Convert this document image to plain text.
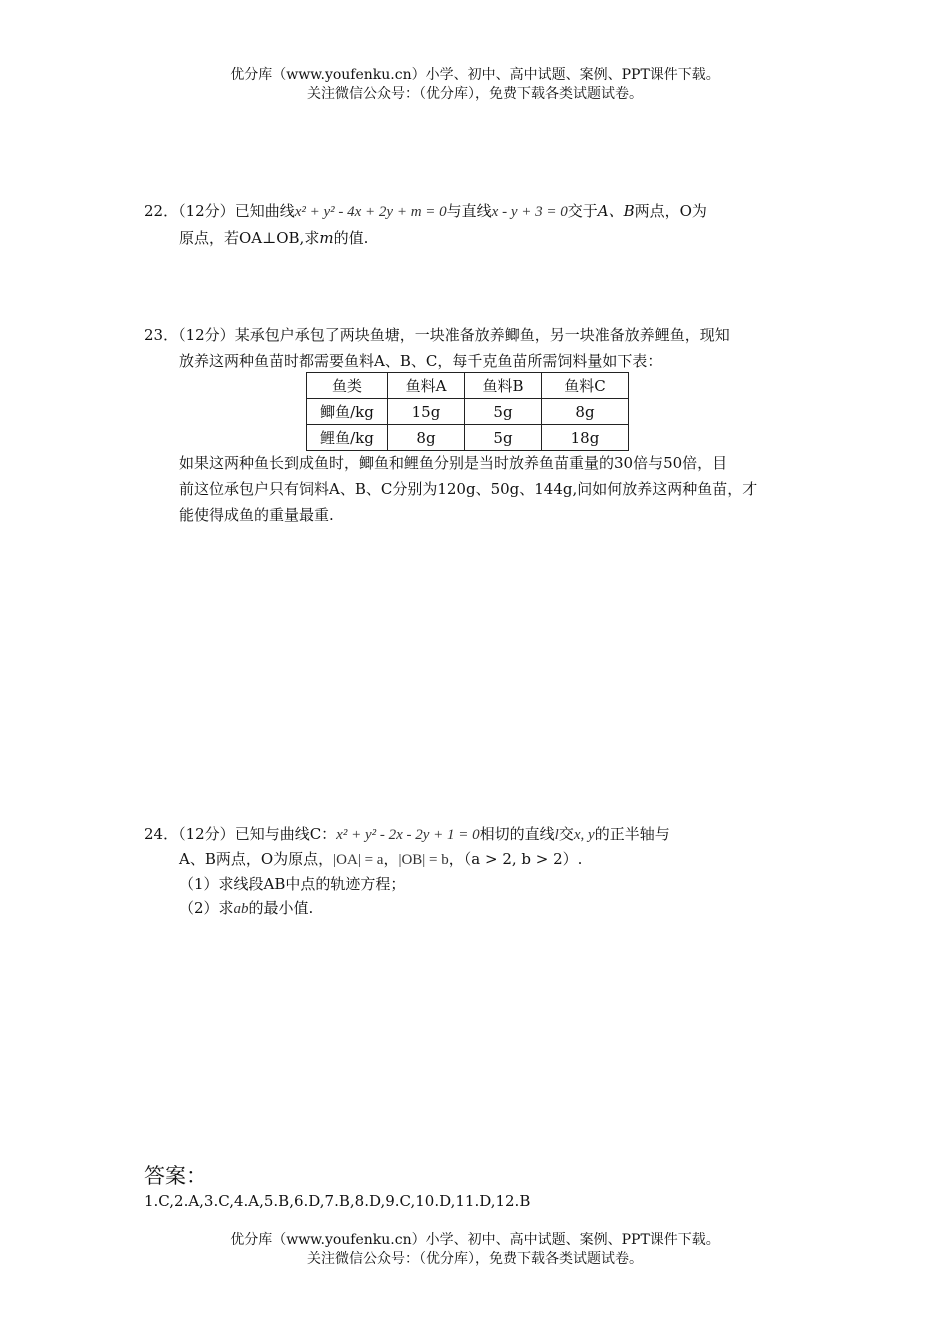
优分库（www.youfenku.cn）小学、初中、高中试题、案例、PPT课件下载。
关注微信公众号：（优分库），免费下载各类试题试卷。
22．（12分）已知曲线x² + y² - 4x + 2y + m = 0与直线x - y + 3 = 0交于A、B两点，O为
原点，若OA⊥OB,求m的值.
23．（12分）某承包户承包了两块鱼塘，一块准备放养鲫鱼，另一块准备放养鲤鱼，现知
放养这两种鱼苗时都需要鱼料A、B、C，每千克鱼苗所需饲料量如下表：
鱼类	鱼料A	鱼料B	鱼料C
鲫鱼/kg	15g	5g	8g
鲤鱼/kg	8g	5g	18g
如果这两种鱼长到成鱼时，鲫鱼和鲤鱼分别是当时放养鱼苗重量的30倍与50倍，目
前这位承包户只有饲料A、B、C分别为120g、50g、144g,问如何放养这两种鱼苗，才
能使得成鱼的重量最重.
24．（12分）已知与曲线C：x² + y² - 2x - 2y + 1 = 0相切的直线l交x, y的正半轴与
A、B两点，O为原点，|OA| = a，|OB| = b，（a > 2, b > 2）.
（1）求线段AB中点的轨迹方程；
（2）求ab的最小值.
答案：
1.C,2.A,3.C,4.A,5.B,6.D,7.B,8.D,9.C,10.D,11.D,12.B
优分库（www.youfenku.cn）小学、初中、高中试题、案例、PPT课件下载。
关注微信公众号：（优分库），免费下载各类试题试卷。
